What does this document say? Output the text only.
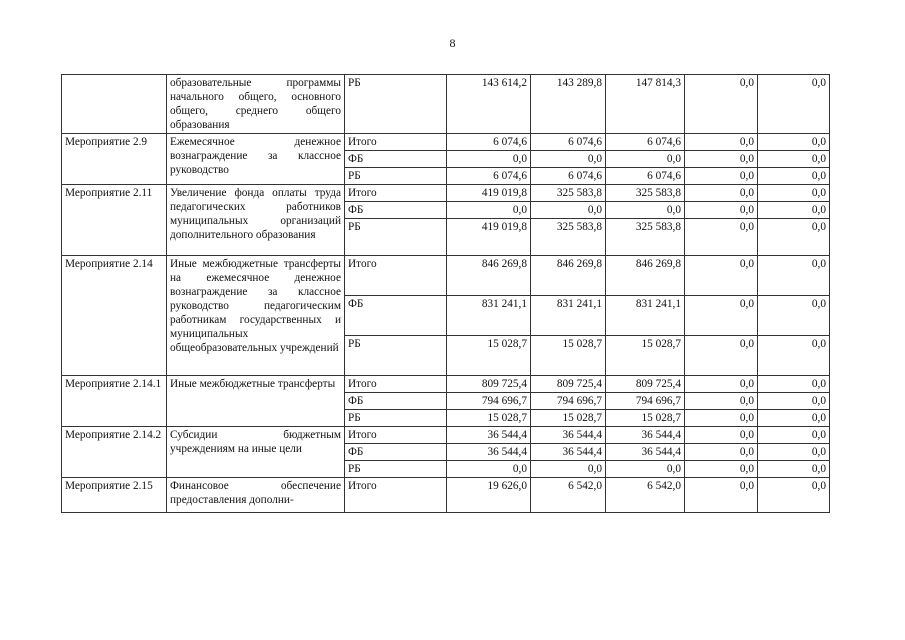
8
	образовательные программы начального общего, основного общего, среднего общего образования	РБ	143 614,2	143 289,8	147 814,3	0,0	0,0
Мероприятие 2.9	Ежемесячное денежное вознаграждение за классное руководство	Итого	6 074,6	6 074,6	6 074,6	0,0	0,0
		ФБ	0,0	0,0	0,0	0,0	0,0
		РБ	6 074,6	6 074,6	6 074,6	0,0	0,0
Мероприятие 2.11	Увеличение фонда оплаты труда педагогических работников муниципальных организаций дополнительного образования	Итого	419 019,8	325 583,8	325 583,8	0,0	0,0
		ФБ	0,0	0,0	0,0	0,0	0,0
		РБ	419 019,8	325 583,8	325 583,8	0,0	0,0
Мероприятие 2.14	Иные межбюджетные трансферты на ежемесячное денежное вознаграждение за классное руководство педагогическим работникам государственных и муниципальных общеобразовательных учреждений	Итого	846 269,8	846 269,8	846 269,8	0,0	0,0
		ФБ	831 241,1	831 241,1	831 241,1	0,0	0,0
		РБ	15 028,7	15 028,7	15 028,7	0,0	0,0
Мероприятие 2.14.1	Иные межбюджетные трансферты	Итого	809 725,4	809 725,4	809 725,4	0,0	0,0
		ФБ	794 696,7	794 696,7	794 696,7	0,0	0,0
		РБ	15 028,7	15 028,7	15 028,7	0,0	0,0
Мероприятие 2.14.2	Субсидии бюджетным учреждениям на иные цели	Итого	36 544,4	36 544,4	36 544,4	0,0	0,0
		ФБ	36 544,4	36 544,4	36 544,4	0,0	0,0
		РБ	0,0	0,0	0,0	0,0	0,0
Мероприятие 2.15	Финансовое обеспечение предоставления дополни-	Итого	19 626,0	6 542,0	6 542,0	0,0	0,0
